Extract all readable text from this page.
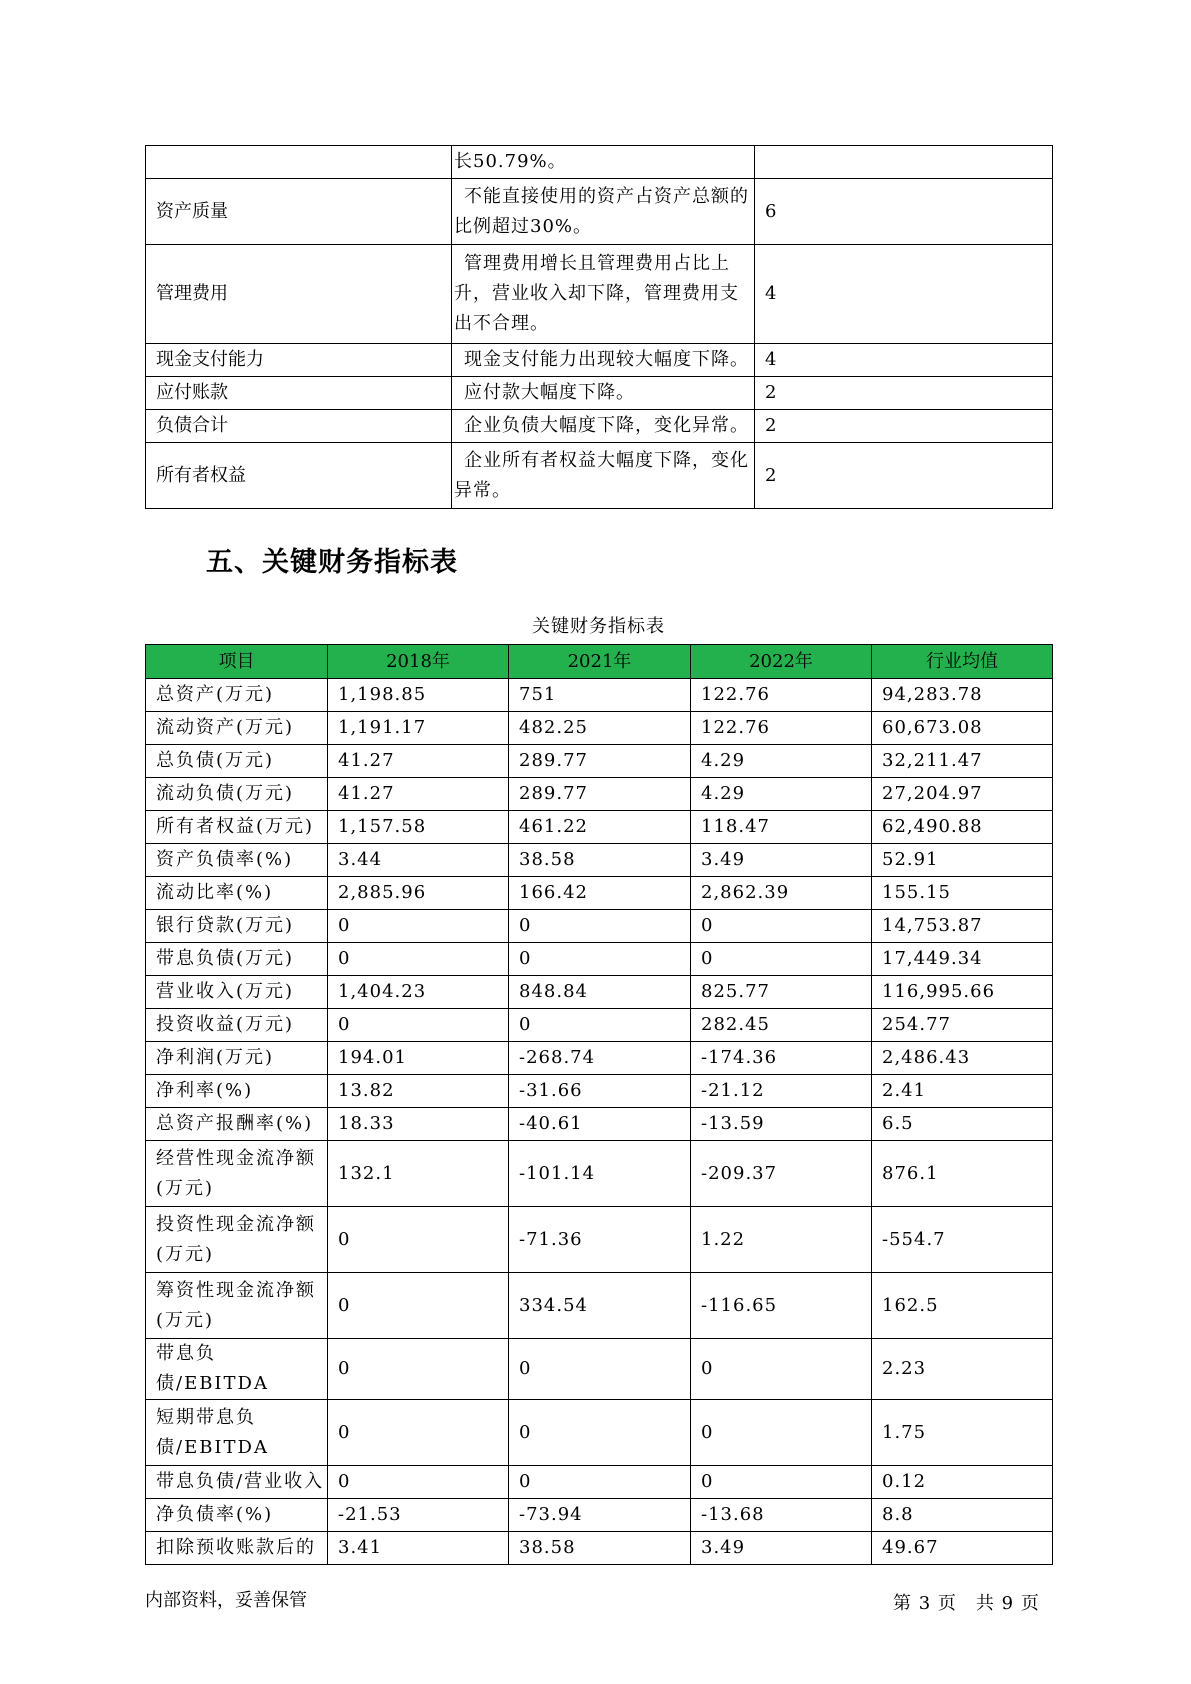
	长50.79%。	
资产质量	不能直接使用的资产占资产总额的比例超过30%。	6
管理费用	管理费用增长且管理费用占比上升，营业收入却下降，管理费用支出不合理。	4
现金支付能力	现金支付能力出现较大幅度下降。	4
应付账款	应付款大幅度下降。	2
负债合计	企业负债大幅度下降，变化异常。	2
所有者权益	企业所有者权益大幅度下降，变化异常。	2
五、关键财务指标表
关键财务指标表
项目	2018年	2021年	2022年	行业均值
总资产(万元)	1,198.85	751	122.76	94,283.78
流动资产(万元)	1,191.17	482.25	122.76	60,673.08
总负债(万元)	41.27	289.77	4.29	32,211.47
流动负债(万元)	41.27	289.77	4.29	27,204.97
所有者权益(万元)	1,157.58	461.22	118.47	62,490.88
资产负债率(%)	3.44	38.58	3.49	52.91
流动比率(%)	2,885.96	166.42	2,862.39	155.15
银行贷款(万元)	0	0	0	14,753.87
带息负债(万元)	0	0	0	17,449.34
营业收入(万元)	1,404.23	848.84	825.77	116,995.66
投资收益(万元)	0	0	282.45	254.77
净利润(万元)	194.01	-268.74	-174.36	2,486.43
净利率(%)	13.82	-31.66	-21.12	2.41
总资产报酬率(%)	18.33	-40.61	-13.59	6.5
经营性现金流净额(万元)	132.1	-101.14	-209.37	876.1
投资性现金流净额(万元)	0	-71.36	1.22	-554.7
筹资性现金流净额(万元)	0	334.54	-116.65	162.5
带息负债/EBITDA	0	0	0	2.23
短期带息负债/EBITDA	0	0	0	1.75
带息负债/营业收入	0	0	0	0.12
净负债率(%)	-21.53	-73.94	-13.68	8.8
扣除预收账款后的	3.41	38.58	3.49	49.67
内部资料，妥善保管	第 3 页　共 9 页
